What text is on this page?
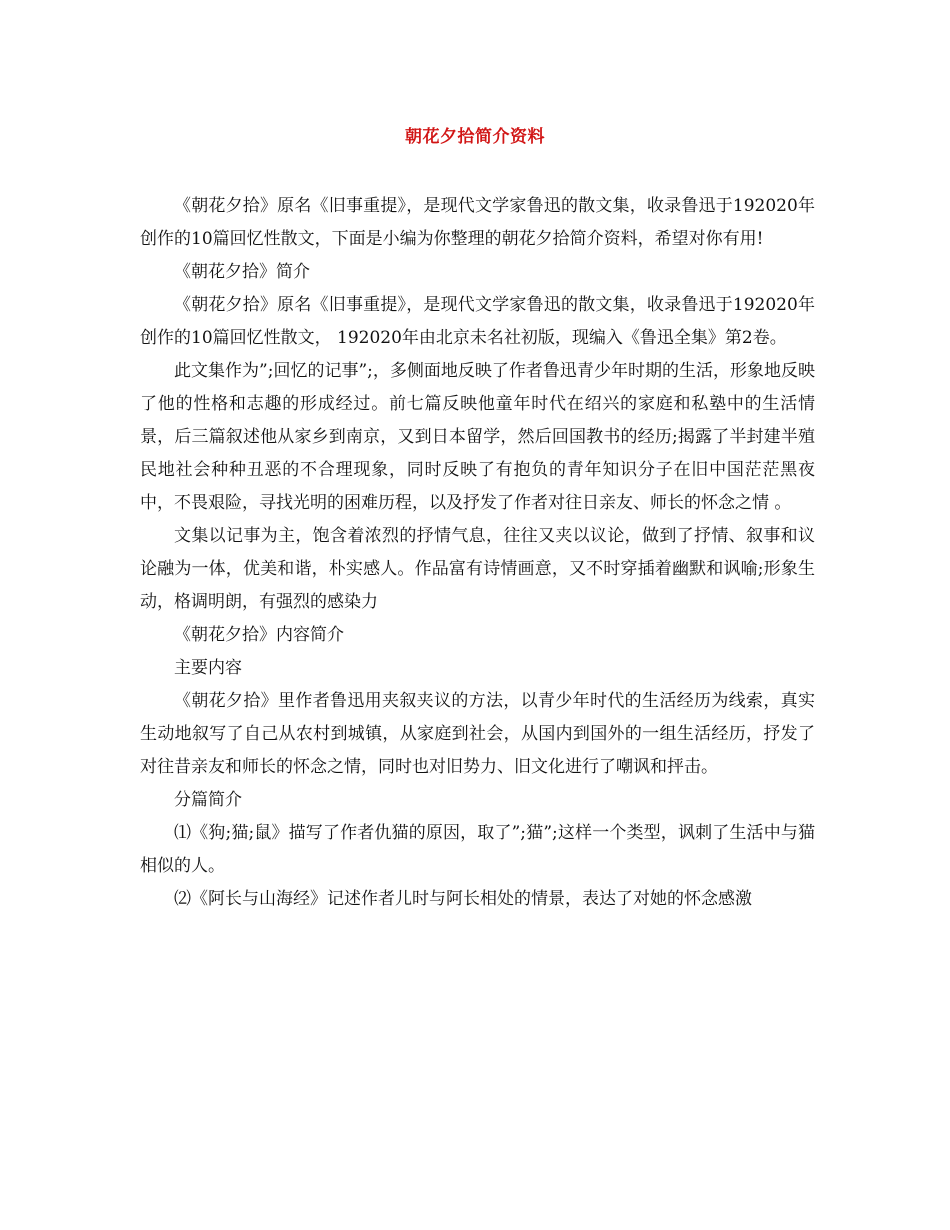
朝花夕拾简介资料

《朝花夕拾》原名《旧事重提》，是现代文学家鲁迅的散文集，收录鲁迅于192020年创作的10篇回忆性散文，下面是小编为你整理的朝花夕拾简介资料，希望对你有用!

《朝花夕拾》简介

《朝花夕拾》原名《旧事重提》，是现代文学家鲁迅的散文集，收录鲁迅于192020年创作的10篇回忆性散文， 192020年由北京未名社初版，现编入《鲁迅全集》第2卷。

此文集作为”;回忆的记事”;，多侧面地反映了作者鲁迅青少年时期的生活，形象地反映了他的性格和志趣的形成经过。前七篇反映他童年时代在绍兴的家庭和私塾中的生活情景，后三篇叙述他从家乡到南京，又到日本留学，然后回国教书的经历;揭露了半封建半殖民地社会种种丑恶的不合理现象，同时反映了有抱负的青年知识分子在旧中国茫茫黑夜中，不畏艰险，寻找光明的困难历程，以及抒发了作者对往日亲友、师长的怀念之情 。

文集以记事为主，饱含着浓烈的抒情气息，往往又夹以议论，做到了抒情、叙事和议论融为一体，优美和谐，朴实感人。作品富有诗情画意，又不时穿插着幽默和讽喻;形象生动，格调明朗，有强烈的感染力

《朝花夕拾》内容简介

主要内容

《朝花夕拾》里作者鲁迅用夹叙夹议的方法，以青少年时代的生活经历为线索，真实生动地叙写了自己从农村到城镇，从家庭到社会，从国内到国外的一组生活经历，抒发了对往昔亲友和师长的怀念之情，同时也对旧势力、旧文化进行了嘲讽和抨击。

分篇简介

⑴《狗;猫;鼠》描写了作者仇猫的原因，取了”;猫”;这样一个类型，讽刺了生活中与猫相似的人。

⑵《阿长与山海经》记述作者儿时与阿长相处的情景，表达了对她的怀念感激
